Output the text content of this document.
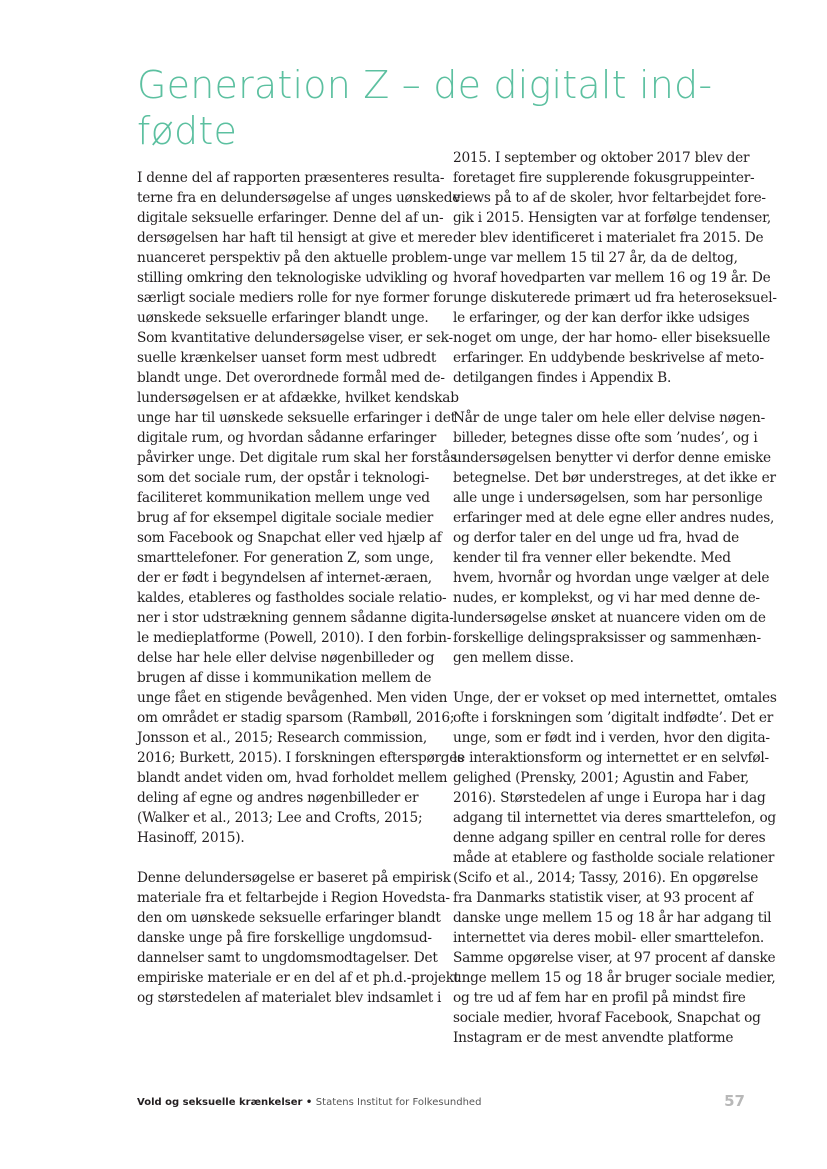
Generation Z – de digitalt ind-
fødte

I denne del af rapporten præsenteres resulta-
terne fra en delundersøgelse af unges uønskede
digitale seksuelle erfaringer. Denne del af un-
dersøgelsen har haft til hensigt at give et mere
nuanceret perspektiv på den aktuelle problem-
stilling omkring den teknologiske udvikling og
særligt sociale mediers rolle for nye former for
uønskede seksuelle erfaringer blandt unge.
Som kvantitative delundersøgelse viser, er sek-
suelle krænkelser uanset form mest udbredt
blandt unge. Det overordnede formål med de-
lundersøgelsen er at afdække, hvilket kendskab
unge har til uønskede seksuelle erfaringer i det
digitale rum, og hvordan sådanne erfaringer
påvirker unge. Det digitale rum skal her forstås
som det sociale rum, der opstår i teknologi-
faciliteret kommunikation mellem unge ved
brug af for eksempel digitale sociale medier
som Facebook og Snapchat eller ved hjælp af
smarttelefoner. For generation Z, som unge,
der er født i begyndelsen af internet-æraen,
kaldes, etableres og fastholdes sociale relatio-
ner i stor udstrækning gennem sådanne digita-
le medieplatforme (Powell, 2010). I den forbin-
delse har hele eller delvise nøgenbilleder og
brugen af disse i kommunikation mellem de
unge fået en stigende bevågenhed. Men viden
om området er stadig sparsom (Rambøll, 2016;
Jonsson et al., 2015; Research commission,
2016; Burkett, 2015). I forskningen efterspørges
blandt andet viden om, hvad forholdet mellem
deling af egne og andres nøgenbilleder er
(Walker et al., 2013; Lee and Crofts, 2015;
Hasinoff, 2015).

Denne delundersøgelse er baseret på empirisk
materiale fra et feltarbejde i Region Hovedsta-
den om uønskede seksuelle erfaringer blandt
danske unge på fire forskellige ungdomsud-
dannelser samt to ungdomsmodtagelser. Det
empiriske materiale er en del af et ph.d.-projekt
og størstedelen af materialet blev indsamlet i

2015. I september og oktober 2017 blev der
foretaget fire supplerende fokusgruppeinter-
views på to af de skoler, hvor feltarbejdet fore-
gik i 2015. Hensigten var at forfølge tendenser,
der blev identificeret i materialet fra 2015. De
unge var mellem 15 til 27 år, da de deltog,
hvoraf hovedparten var mellem 16 og 19 år. De
unge diskuterede primært ud fra heteroseksuel-
le erfaringer, og der kan derfor ikke udsiges
noget om unge, der har homo- eller biseksuelle
erfaringer. En uddybende beskrivelse af meto-
detilgangen findes i Appendix B.

Når de unge taler om hele eller delvise nøgen-
billeder, betegnes disse ofte som ’nudes’, og i
undersøgelsen benytter vi derfor denne emiske
betegnelse. Det bør understreges, at det ikke er
alle unge i undersøgelsen, som har personlige
erfaringer med at dele egne eller andres nudes,
og derfor taler en del unge ud fra, hvad de
kender til fra venner eller bekendte. Med
hvem, hvornår og hvordan unge vælger at dele
nudes, er komplekst, og vi har med denne de-
lundersøgelse ønsket at nuancere viden om de
forskellige delingspraksisser og sammenhæn-
gen mellem disse.

Unge, der er vokset op med internettet, omtales
ofte i forskningen som ’digitalt indfødte’. Det er
unge, som er født ind i verden, hvor den digita-
le interaktionsform og internettet er en selvføl-
gelighed (Prensky, 2001; Agustin and Faber,
2016). Størstedelen af unge i Europa har i dag
adgang til internettet via deres smarttelefon, og
denne adgang spiller en central rolle for deres
måde at etablere og fastholde sociale relationer
(Scifo et al., 2014; Tassy, 2016). En opgørelse
fra Danmarks statistik viser, at 93 procent af
danske unge mellem 15 og 18 år har adgang til
internettet via deres mobil- eller smarttelefon.
Samme opgørelse viser, at 97 procent af danske
unge mellem 15 og 18 år bruger sociale medier,
og tre ud af fem har en profil på mindst fire
sociale medier, hvoraf Facebook, Snapchat og
Instagram er de mest anvendte platforme

Vold og seksuelle krænkelser • Statens Institut for Folkesundhed	57
